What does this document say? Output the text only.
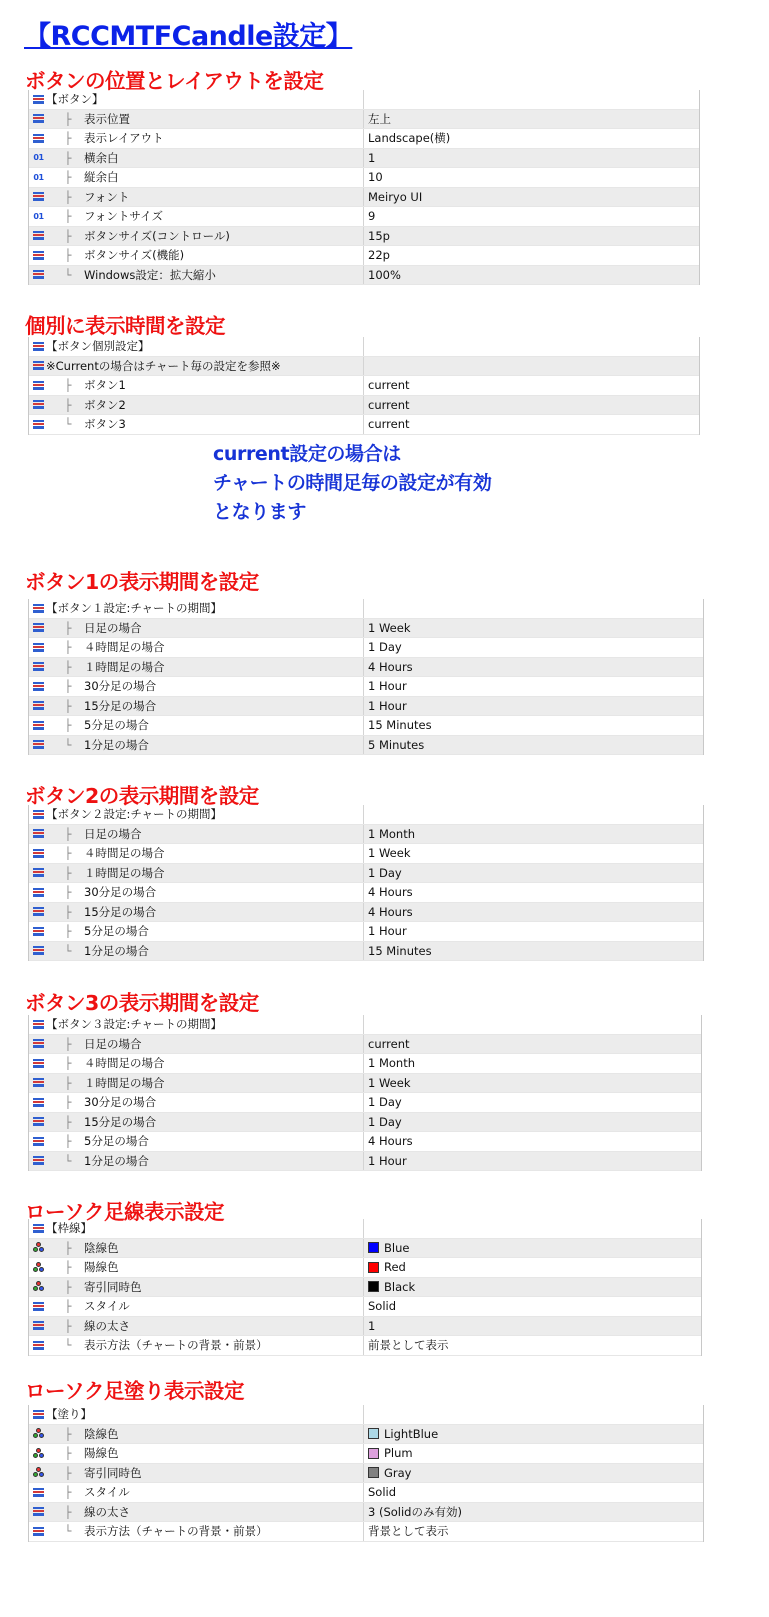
【RCCMTFCandle設定】
ボタンの位置とレイアウトを設定
【ボタン】
├ 表示位置	左上
├ 表示レイアウト	Landscape(横)
01 ├ 横余白	1
01 ├ 縦余白	10
├ フォント	Meiryo UI
01 ├ フォントサイズ	9
├ ボタンサイズ(コントロール)	15p
├ ボタンサイズ(機能)	22p
└ Windows設定：拡大縮小	100%
個別に表示時間を設定
【ボタン個別設定】
※Currentの場合はチャート毎の設定を参照※
├ ボタン1	current
├ ボタン2	current
└ ボタン3	current
current設定の場合は
チャートの時間足毎の設定が有効
となります
ボタン1の表示期間を設定
【ボタン１設定:チャートの期間】
├ 日足の場合	1 Week
├ ４時間足の場合	1 Day
├ １時間足の場合	4 Hours
├ 30分足の場合	1 Hour
├ 15分足の場合	1 Hour
├ 5分足の場合	15 Minutes
└ 1分足の場合	5 Minutes
ボタン2の表示期間を設定
【ボタン２設定:チャートの期間】
├ 日足の場合	1 Month
├ ４時間足の場合	1 Week
├ １時間足の場合	1 Day
├ 30分足の場合	4 Hours
├ 15分足の場合	4 Hours
├ 5分足の場合	1 Hour
└ 1分足の場合	15 Minutes
ボタン3の表示期間を設定
【ボタン３設定:チャートの期間】
├ 日足の場合	current
├ ４時間足の場合	1 Month
├ １時間足の場合	1 Week
├ 30分足の場合	1 Day
├ 15分足の場合	1 Day
├ 5分足の場合	4 Hours
└ 1分足の場合	1 Hour
ローソク足線表示設定
【枠線】
├ 陰線色	Blue
├ 陽線色	Red
├ 寄引同時色	Black
├ スタイル	Solid
├ 線の太さ	1
└ 表示方法（チャートの背景・前景）	前景として表示
ローソク足塗り表示設定
【塗り】
├ 陰線色	LightBlue
├ 陽線色	Plum
├ 寄引同時色	Gray
├ スタイル	Solid
├ 線の太さ	3 (Solidのみ有効)
└ 表示方法（チャートの背景・前景）	背景として表示
